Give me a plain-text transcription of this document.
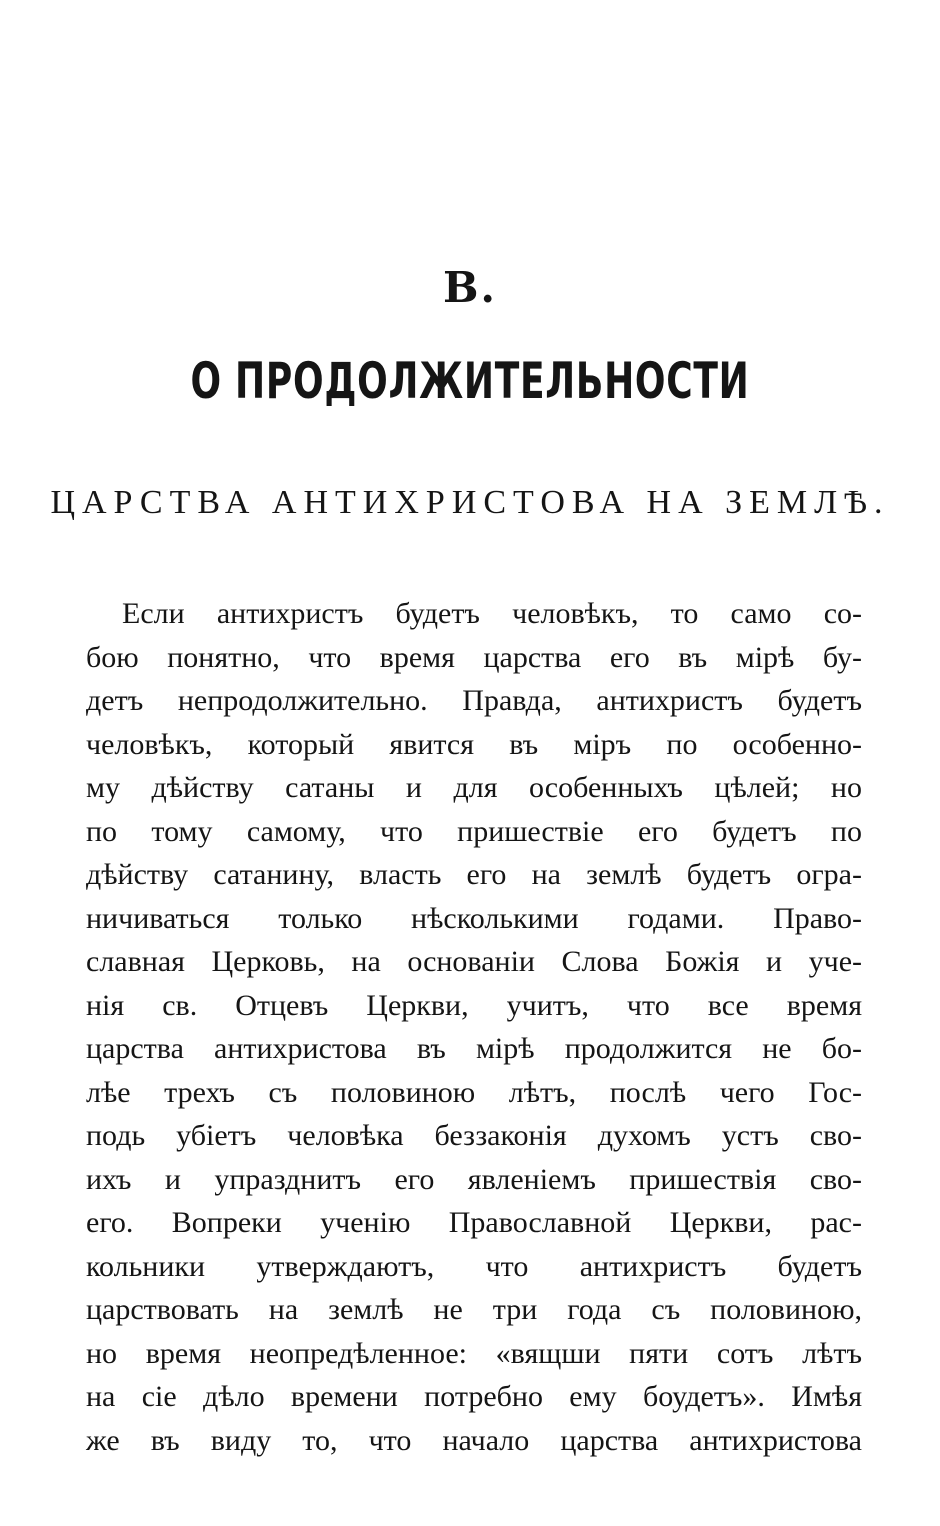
В.
О ПРОДОЛЖИТЕЛЬНОСТИ
ЦАРСТВА АНТИХРИСТОВА НА ЗЕМЛѢ.
Если антихристъ будетъ человѣкъ, то само со-
бою понятно, что время царства его въ мірѣ бу-
детъ непродолжительно. Правда, антихристъ будетъ
человѣкъ, который явится въ міръ по особенно-
му дѣйству сатаны и для особенныхъ цѣлей; но
по тому самому, что пришествіе его будетъ по
дѣйству сатанину, власть его на землѣ будетъ огра-
ничиваться только нѣсколькими годами. Право-
славная Церковь, на основаніи Слова Божія и уче-
нія св. Отцевъ Церкви, учитъ, что все время
царства антихристова въ мірѣ продолжится не бо-
лѣе трехъ съ половиною лѣтъ, послѣ чего Гос-
подь убіетъ человѣка беззаконія духомъ устъ сво-
ихъ и упразднитъ его явленіемъ пришествія сво-
его. Вопреки ученію Православной Церкви, рас-
кольники утверждаютъ, что антихристъ будетъ
царствовать на землѣ не три года съ половиною,
но время неопредѣленное: «вящши пяти сотъ лѣтъ
на сіе дѣло времени потребно ему боудетъ». Имѣя
же въ виду то, что начало царства антихристова
